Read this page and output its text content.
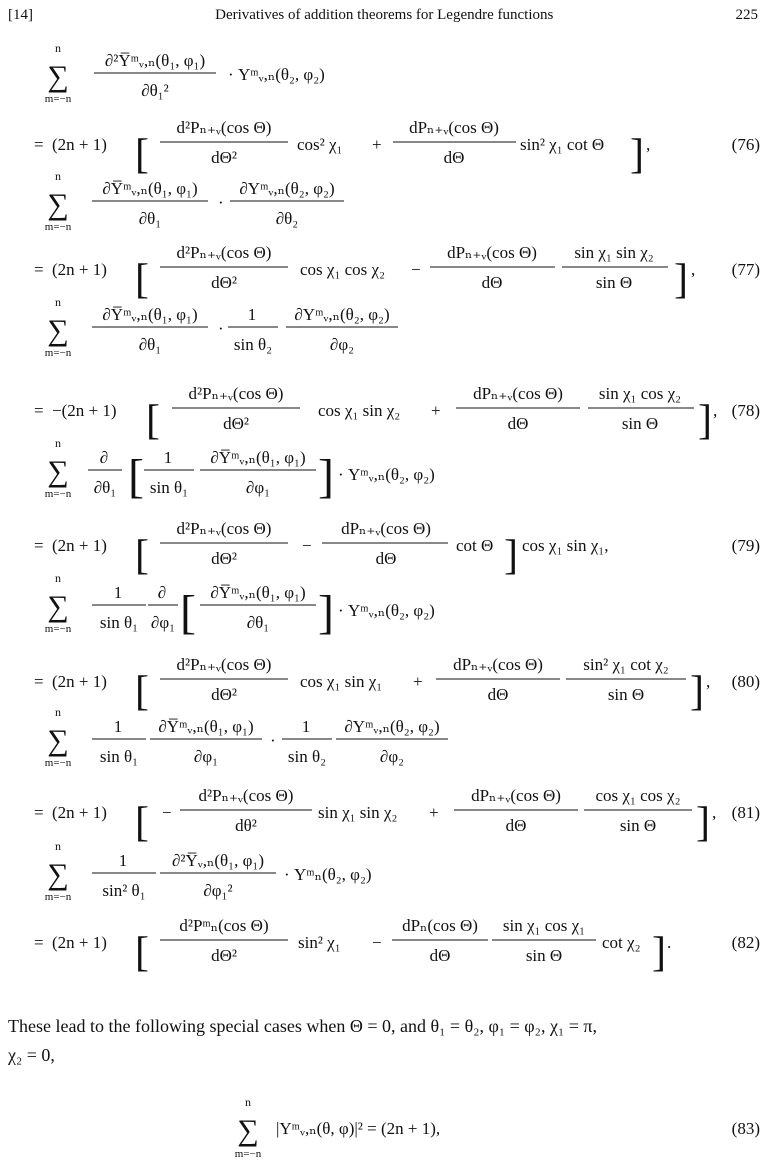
[14]	Derivatives of addition theorems for Legendre functions	225
n
∑
m=−n
∂²Y̅ᵐᵥ,ₙ(θ₁, φ₁)
∂θ₁²
· Yᵐᵥ,ₙ(θ₂, φ₂)
= (2n + 1) [
d²Pₙ₊ᵥ(cos Θ)
dΘ²
cos² χ₁ +
dPₙ₊ᵥ(cos Θ)
dΘ
sin² χ₁ cot Θ ] ,	(76)
n
∑
m=−n
∂Y̅ᵐᵥ,ₙ(θ₁, φ₁)
∂θ₁
·
∂Yᵐᵥ,ₙ(θ₂, φ₂)
∂θ₂
= (2n + 1) [
d²Pₙ₊ᵥ(cos Θ)
dΘ²
cos χ₁ cos χ₂ −
dPₙ₊ᵥ(cos Θ)
dΘ
sin χ₁ sin χ₂
sin Θ ] , (77)
n
∑
m=−n
∂Y̅ᵐᵥ,ₙ(θ₁, φ₁)
∂θ₁
·
1
sin θ₂
∂Yᵐᵥ,ₙ(θ₂, φ₂)
∂φ₂
= −(2n + 1) [
d²Pₙ₊ᵥ(cos Θ)
dΘ²
cos χ₁ sin χ₂ +
dPₙ₊ᵥ(cos Θ)
dΘ
sin χ₁ cos χ₂
sin Θ ] , (78)
n
∑
m=−n
∂
∂θ₁ [ 1
sin θ₁
∂Y̅ᵐᵥ,ₙ(θ₁, φ₁)
∂φ₁ ] · Yᵐᵥ,ₙ(θ₂, φ₂)
= (2n + 1) [
d²Pₙ₊ᵥ(cos Θ)
dΘ²
−
dPₙ₊ᵥ(cos Θ)
dΘ
cot Θ ] cos χ₁ sin χ₁,	(79)
n
∑
m=−n
1
sin θ₁
∂
∂φ₁ [ ∂Y̅ᵐᵥ,ₙ(θ₁, φ₁)
∂θ₁ ] · Yᵐᵥ,ₙ(θ₂, φ₂)
= (2n + 1) [
d²Pₙ₊ᵥ(cos Θ)
dΘ²
cos χ₁ sin χ₁ +
dPₙ₊ᵥ(cos Θ)
dΘ
sin² χ₁ cot χ₂
sin Θ ] , (80)
n
∑
m=−n
1
sin θ₁
∂Y̅ᵐᵥ,ₙ(θ₁, φ₁)
∂φ₁
·
1
sin θ₂
∂Yᵐᵥ,ₙ(θ₂, φ₂)
∂φ₂
= (2n + 1) [ −
d²Pₙ₊ᵥ(cos Θ)
dθ²
sin χ₁ sin χ₂ +
dPₙ₊ᵥ(cos Θ)
dΘ
cos χ₁ cos χ₂
sin Θ ] , (81)
n
∑
m=−n
1
sin² θ₁
∂²Y̅ᵥ,ₙ(θ₁, φ₁)
∂φ₁²
· Yᵐₙ(θ₂, φ₂)
= (2n + 1) [
d²Pᵐₙ(cos Θ)
dΘ²
sin² χ₁ −
dPₙ(cos Θ)
dΘ
sin χ₁ cos χ₁
sin Θ
cot χ₂ ] .	(82)
n
∑
m=−n
|Yᵐᵥ,ₙ(θ, φ)|² = (2n + 1),	(83)
These lead to the following special cases when Θ = 0, and θ₁ = θ₂, φ₁ = φ₂, χ₁ = π,
χ₂ = 0,
